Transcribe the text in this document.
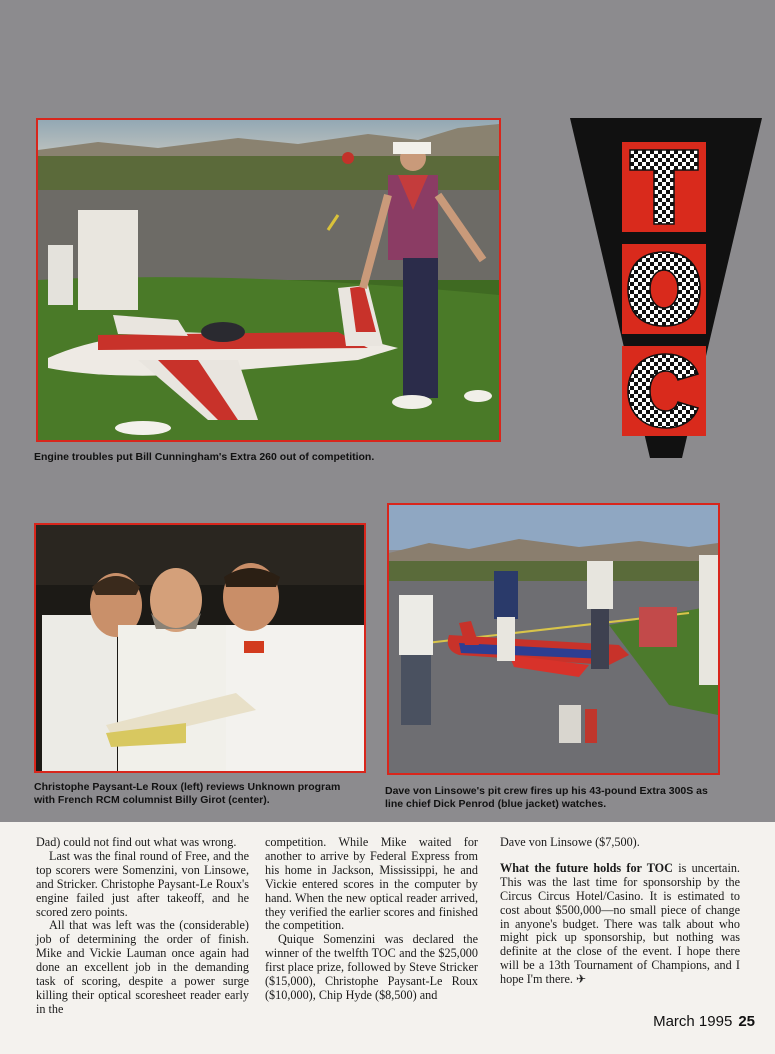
Engine troubles put Bill Cunningham's Extra 260 out of competition.
Christophe Paysant-Le Roux (left) reviews Unknown program
with French RCM columnist Billy Girot (center).
Dave von Linsowe's pit crew fires up his 43-pound Extra 300S as
line chief Dick Penrod (blue jacket) watches.

Dad) could not find out what was wrong.

Last was the final round of Free, and the top scorers were Somenzini, von Linsowe, and Stricker. Christophe Paysant-Le Roux's engine failed just after takeoff, and he scored zero points.

All that was left was the (considerable) job of determining the order of finish. Mike and Vickie Lauman once again had done an excellent job in the demanding task of scoring, despite a power surge killing their optical scoresheet reader early in the

competition. While Mike waited for another to arrive by Federal Express from his home in Jackson, Mississippi, he and Vickie entered scores in the computer by hand. When the new optical reader arrived, they verified the earlier scores and finished the competition.

Quique Somenzini was declared the winner of the twelfth TOC and the $25,000 first place prize, followed by Steve Stricker ($15,000), Christophe Paysant-Le Roux ($10,000), Chip Hyde ($8,500) and

Dave von Linsowe ($7,500).

What the future holds for TOC is uncertain. This was the last time for sponsorship by the Circus Circus Hotel/Casino. It is estimated to cost about $500,000—no small piece of change in anyone's budget. There was talk about who might pick up sponsorship, but nothing was definite at the close of the event. I hope there will be a 13th Tournament of Champions, and I hope I'm there. ✈

March 1995 25
